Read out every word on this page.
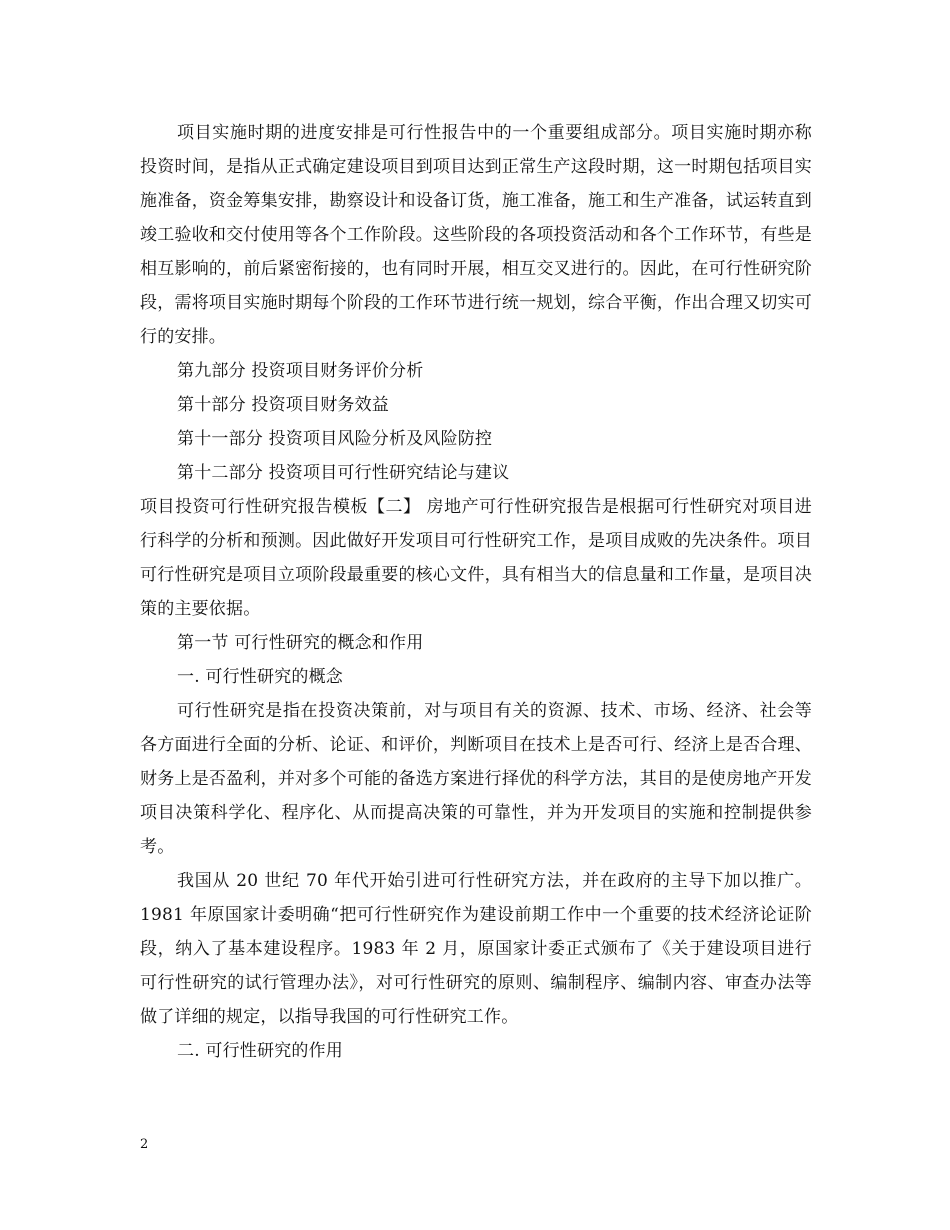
项目实施时期的进度安排是可行性报告中的一个重要组成部分。项目实施时期亦称投资时间，是指从正式确定建设项目到项目达到正常生产这段时期，这一时期包括项目实施准备，资金筹集安排，勘察设计和设备订货，施工准备，施工和生产准备，试运转直到竣工验收和交付使用等各个工作阶段。这些阶段的各项投资活动和各个工作环节，有些是相互影响的，前后紧密衔接的，也有同时开展，相互交叉进行的。因此，在可行性研究阶段，需将项目实施时期每个阶段的工作环节进行统一规划，综合平衡，作出合理又切实可行的安排。

第九部分 投资项目财务评价分析

第十部分 投资项目财务效益

第十一部分 投资项目风险分析及风险防控

第十二部分 投资项目可行性研究结论与建议

项目投资可行性研究报告模板【二】 房地产可行性研究报告是根据可行性研究对项目进行科学的分析和预测。因此做好开发项目可行性研究工作，是项目成败的先决条件。项目可行性研究是项目立项阶段最重要的核心文件，具有相当大的信息量和工作量，是项目决策的主要依据。

第一节 可行性研究的概念和作用

一. 可行性研究的概念

可行性研究是指在投资决策前，对与项目有关的资源、技术、市场、经济、社会等各方面进行全面的分析、论证、和评价，判断项目在技术上是否可行、经济上是否合理、财务上是否盈利，并对多个可能的备选方案进行择优的科学方法，其目的是使房地产开发项目决策科学化、程序化、从而提高决策的可靠性，并为开发项目的实施和控制提供参考。

我国从 20 世纪 70 年代开始引进可行性研究方法，并在政府的主导下加以推广。1981 年原国家计委明确“把可行性研究作为建设前期工作中一个重要的技术经济论证阶段，纳入了基本建设程序。1983 年 2 月，原国家计委正式颁布了《关于建设项目进行可行性研究的试行管理办法》，对可行性研究的原则、编制程序、编制内容、审查办法等做了详细的规定，以指导我国的可行性研究工作。

二. 可行性研究的作用

2
